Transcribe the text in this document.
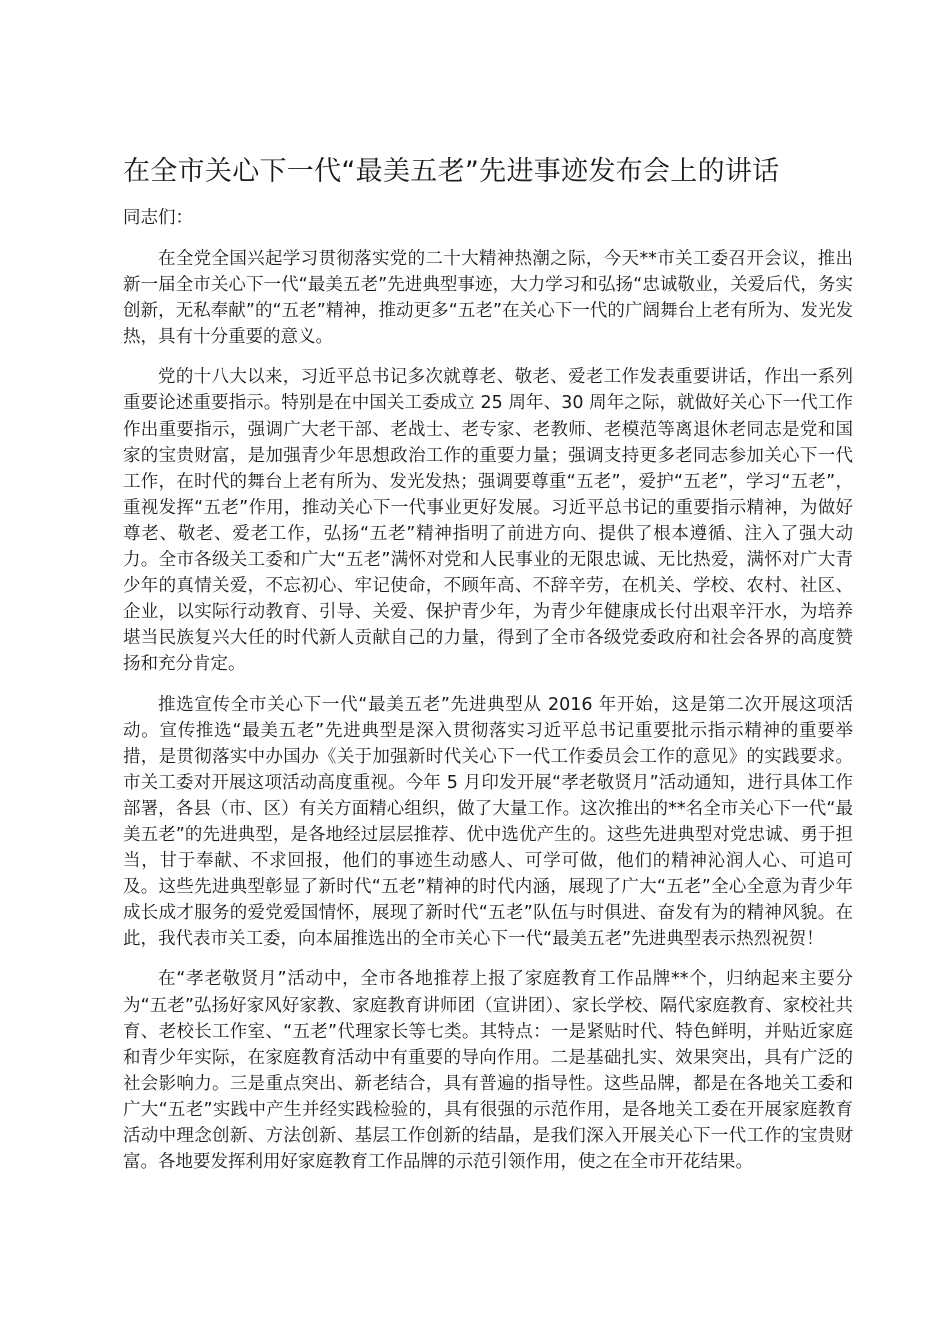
在全市关心下一代“最美五老”先进事迹发布会上的讲话

同志们：

在全党全国兴起学习贯彻落实党的二十大精神热潮之际，今天**市关工委召开会议，推出新一届全市关心下一代“最美五老”先进典型事迹，大力学习和弘扬“忠诚敬业，关爱后代，务实创新，无私奉献”的“五老”精神，推动更多“五老”在关心下一代的广阔舞台上老有所为、发光发热，具有十分重要的意义。

党的十八大以来，习近平总书记多次就尊老、敬老、爱老工作发表重要讲话，作出一系列重要论述重要指示。特别是在中国关工委成立 25 周年、30 周年之际，就做好关心下一代工作作出重要指示，强调广大老干部、老战士、老专家、老教师、老模范等离退休老同志是党和国家的宝贵财富，是加强青少年思想政治工作的重要力量；强调支持更多老同志参加关心下一代工作，在时代的舞台上老有所为、发光发热；强调要尊重“五老”，爱护“五老”，学习“五老”，重视发挥“五老”作用，推动关心下一代事业更好发展。习近平总书记的重要指示精神，为做好尊老、敬老、爱老工作，弘扬“五老”精神指明了前进方向、提供了根本遵循、注入了强大动力。全市各级关工委和广大“五老”满怀对党和人民事业的无限忠诚、无比热爱，满怀对广大青少年的真情关爱，不忘初心、牢记使命，不顾年高、不辞辛劳，在机关、学校、农村、社区、企业，以实际行动教育、引导、关爱、保护青少年，为青少年健康成长付出艰辛汗水，为培养堪当民族复兴大任的时代新人贡献自己的力量，得到了全市各级党委政府和社会各界的高度赞扬和充分肯定。

推选宣传全市关心下一代“最美五老”先进典型从 2016 年开始，这是第二次开展这项活动。宣传推选“最美五老”先进典型是深入贯彻落实习近平总书记重要批示指示精神的重要举措，是贯彻落实中办国办《关于加强新时代关心下一代工作委员会工作的意见》的实践要求。市关工委对开展这项活动高度重视。今年 5 月印发开展“孝老敬贤月”活动通知，进行具体工作部署，各县（市、区）有关方面精心组织，做了大量工作。这次推出的**名全市关心下一代“最美五老”的先进典型，是各地经过层层推荐、优中选优产生的。这些先进典型对党忠诚、勇于担当，甘于奉献、不求回报，他们的事迹生动感人、可学可做，他们的精神沁润人心、可追可及。这些先进典型彰显了新时代“五老”精神的时代内涵，展现了广大“五老”全心全意为青少年成长成才服务的爱党爱国情怀，展现了新时代“五老”队伍与时俱进、奋发有为的精神风貌。在此，我代表市关工委，向本届推选出的全市关心下一代“最美五老”先进典型表示热烈祝贺！

在“孝老敬贤月”活动中，全市各地推荐上报了家庭教育工作品牌**个，归纳起来主要分为“五老”弘扬好家风好家教、家庭教育讲师团（宣讲团）、家长学校、隔代家庭教育、家校社共育、老校长工作室、“五老”代理家长等七类。其特点：一是紧贴时代、特色鲜明，并贴近家庭和青少年实际，在家庭教育活动中有重要的导向作用。二是基础扎实、效果突出，具有广泛的社会影响力。三是重点突出、新老结合，具有普遍的指导性。这些品牌，都是在各地关工委和广大“五老”实践中产生并经实践检验的，具有很强的示范作用，是各地关工委在开展家庭教育活动中理念创新、方法创新、基层工作创新的结晶，是我们深入开展关心下一代工作的宝贵财富。各地要发挥利用好家庭教育工作品牌的示范引领作用，使之在全市开花结果。
